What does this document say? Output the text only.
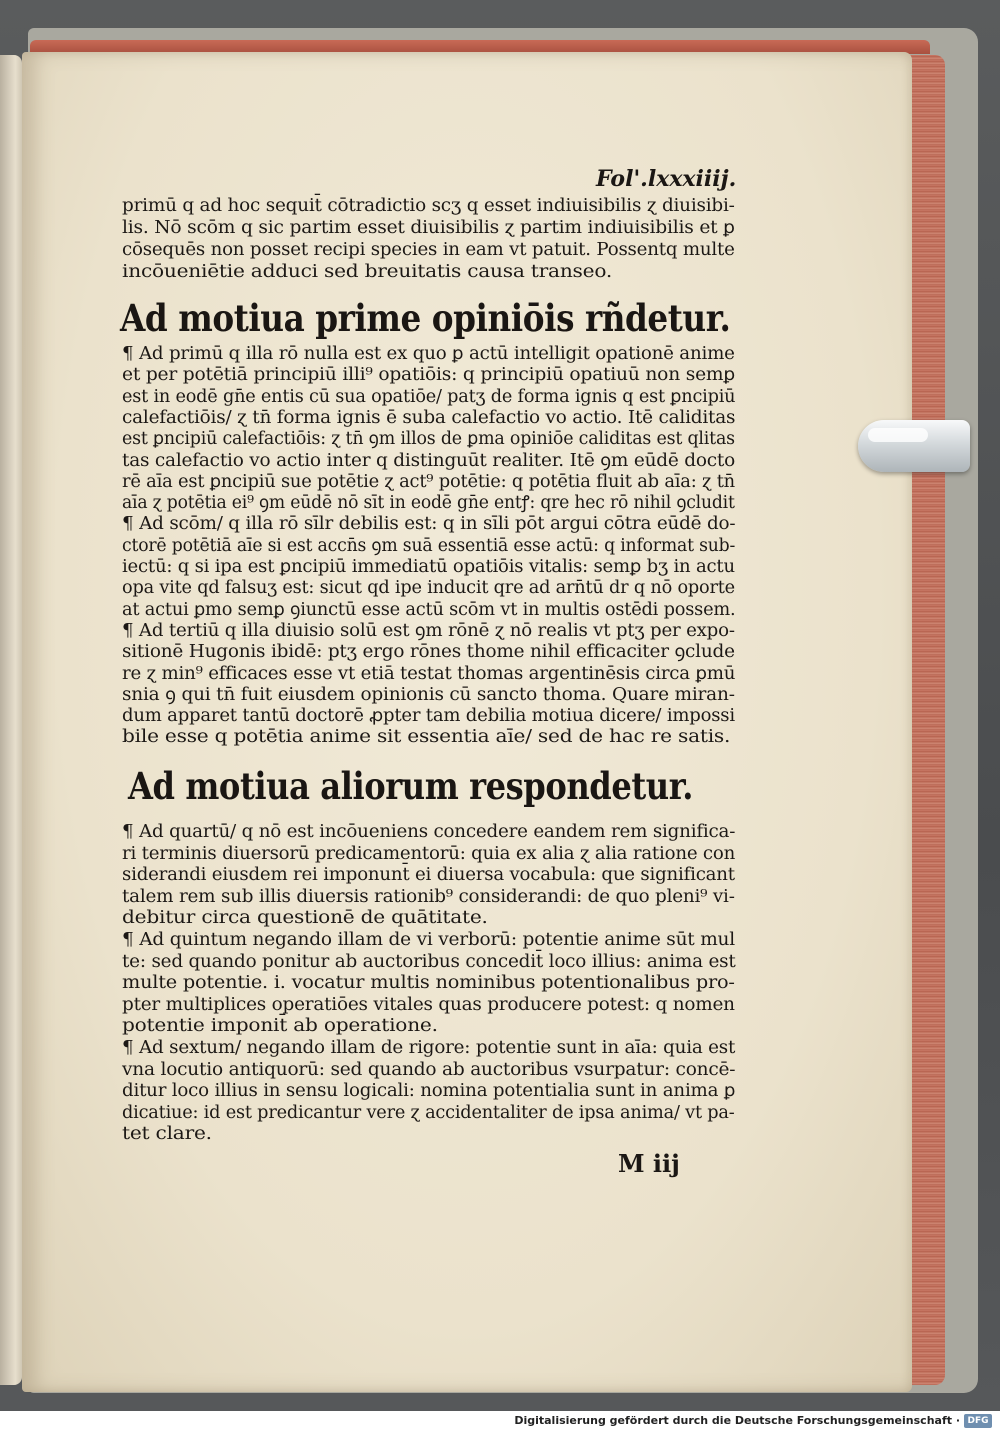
Fol'.lxxxiiij.
primū q ad hoc sequit̄ cōtradictio scʒ q esset indiuisibilis ɀ diuisibi-
lis. Nō scōm q sic partim esset diuisibilis ɀ partim indiuisibilis et ꝑ
cōsequēs non posset recipi species in eam vt patuit. Possentq multe
incōueniētie adduci sed breuitatis causa transeo.
Ad motiua prime opiniōis rñdetur.
¶ Ad primū q illa rō nulla est ex quo ꝑ actū intelligit opationē anime
et per potētiā principiū illi⁹ opatiōis: q principiū opatiuū non semꝑ
est in eodē gn̄e entis cū sua opatiōe/ patʒ de forma ignis q est ꝑncipiū
calefactiōis/ ɀ tn̄ forma ignis ē suba calefactio vo actio. Itē caliditas
est ꝑncipiū calefactiōis: ɀ tn̄ ꝯm illos de ꝑma opiniōe caliditas est qlitas
tas calefactio vo actio inter q distinguūt realiter. Itē ꝯm eūdē docto
rē aīa est ꝑncipiū sue potētie ɀ act⁹ potētie: q potētia fluit ab aīa: ɀ tn̄
aīa ɀ potētia ei⁹ ꝯm eūdē nō sīt in eodē gn̄e entꝭ: qre hec rō nihil ꝯcludit
¶ Ad scōm/ q illa rō sīlr debilis est: q in sīli pōt argui cōtra eūdē do-
ctorē potētiā aīe si est accn̄s ꝯm suā essentiā esse actū: q informat sub-
iectū: q si ipa est ꝑncipiū immediatū opatiōis vitalis: semꝑ bʒ in actu
opa vite qd falsuʒ est: sicut qd ipe inducit qre ad arn̄tū dr q nō oporte
at actui ꝑmo semꝑ ꝯiunctū esse actū scōm vt in multis ostēdi possem.
¶ Ad tertiū q illa diuisio solū est ꝯm rōnē ɀ nō realis vt ptʒ per expo-
sitionē Hugonis ibidē: ptʒ ergo rōnes thome nihil efficaciter ꝯclude
re ɀ min⁹ efficaces esse vt etiā testat thomas argentinēsis circa ꝑmū
snia ꝯ qui tn̄ fuit eiusdem opinionis cū sancto thoma. Quare miran-
dum apparet tantū doctorē ꝓpter tam debilia motiua dicere/ impossi
bile esse q potētia anime sit essentia aīe/ sed de hac re satis.
Ad motiua aliorum respondetur.
¶ Ad quartū/ q nō est incōueniens concedere eandem rem significa-
ri terminis diuersorū predicamentorū: quia ex alia ɀ alia ratione con
siderandi eiusdem rei imponunt̄ ei diuersa vocabula: que significant
talem rem sub illis diuersis rationib⁹ considerandi: de quo pleni⁹ vi-
debitur circa questionē de quātitate.
¶ Ad quintum negando illam de vi verborū: potentie anime sūt mul
te: sed quando ponitur ab auctoribus concedit̄ loco illius: anima est
multe potentie. i. vocatur multis nominibus potentionalibus pro-
pter multiplices operatiōes vitales quas producere potest: q nomen
potentie imponit̄ ab operatione.
¶ Ad sextum/ negando illam de rigore: potentie sunt in aīa: quia est
vna locutio antiquorū: sed quando ab auctoribus vsurpatur: concē-
ditur loco illius in sensu logicali: nomina potentialia sunt in anima ꝑ
dicatiue: id est predicantur vere ɀ accidentaliter de ipsa anima/ vt pa-
tet clare.
M iij
Digitalisierung gefördert durch die Deutsche Forschungsgemeinschaft · DFG
